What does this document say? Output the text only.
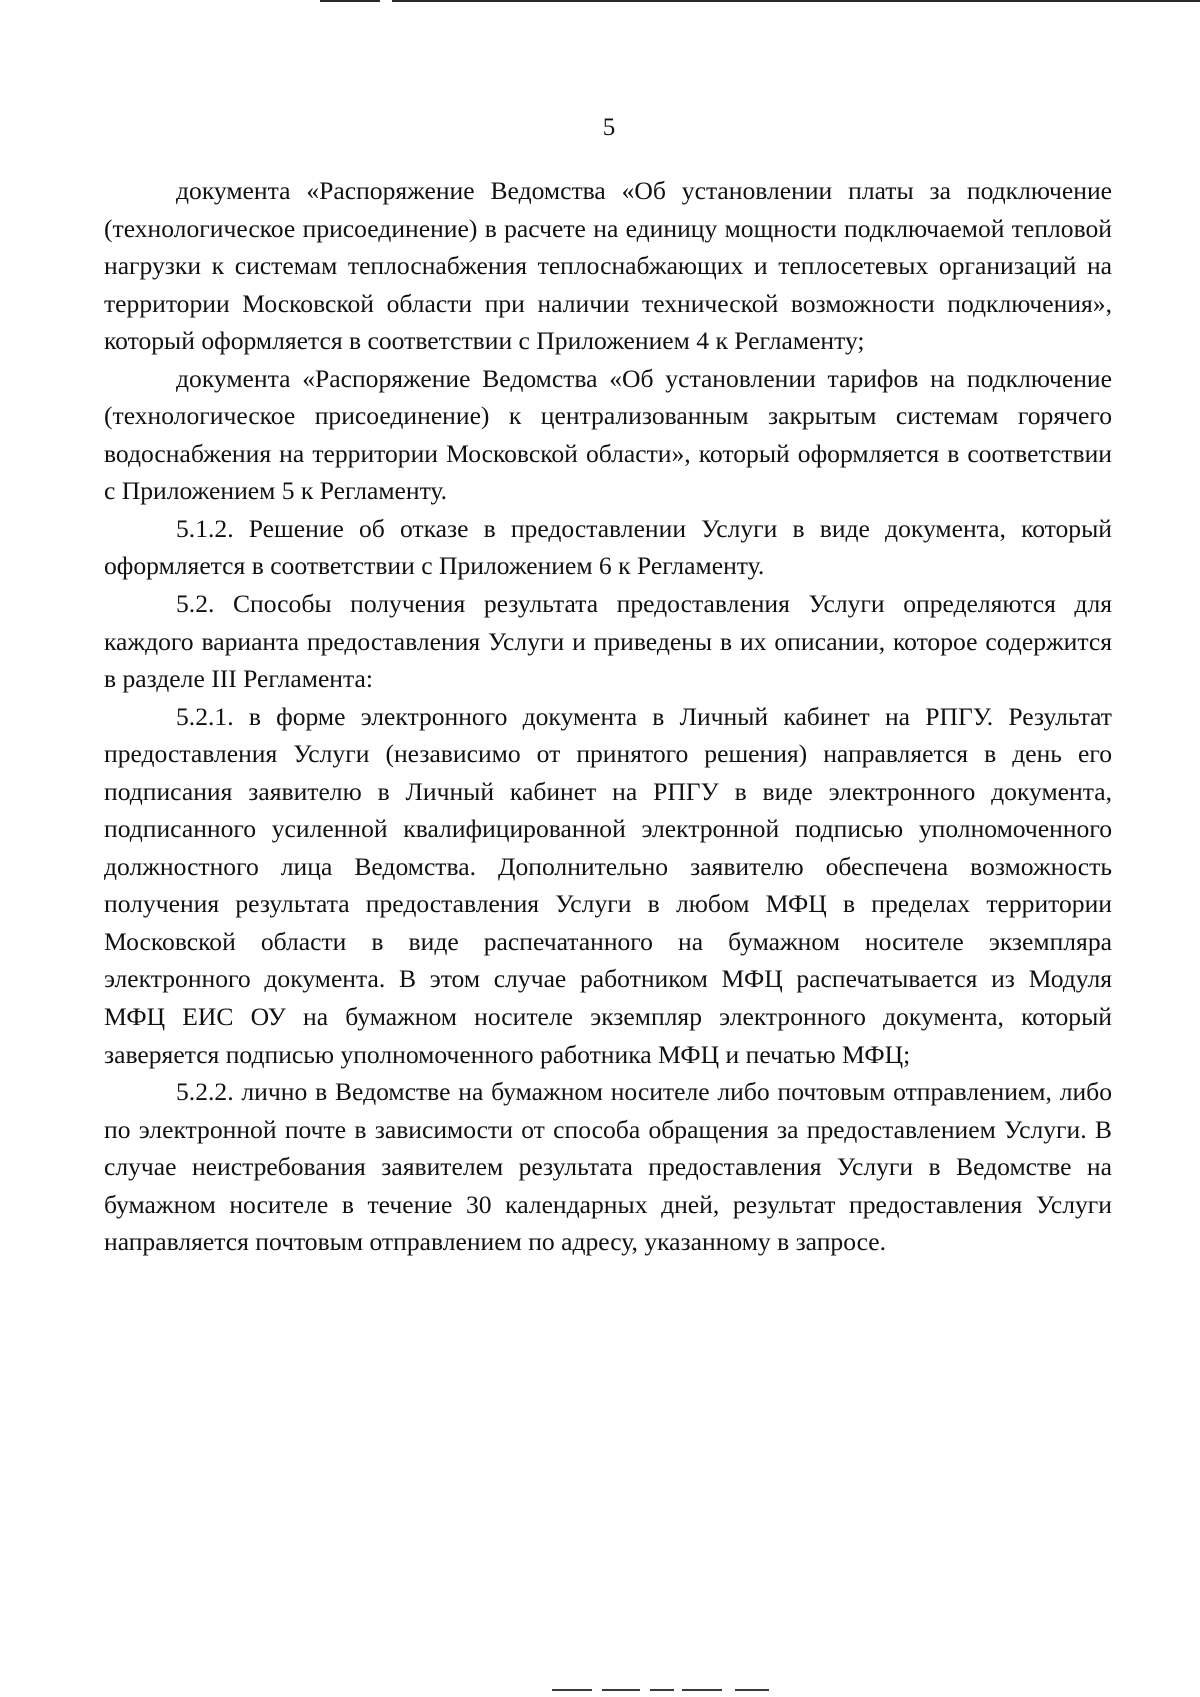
5

документа «Распоряжение Ведомства «Об установлении платы за подключение (технологическое присоединение) в расчете на единицу мощности подключаемой тепловой нагрузки к системам теплоснабжения теплоснабжающих и теплосетевых организаций на территории Московской области при наличии технической возможности подключения», который оформляется в соответствии с Приложением 4 к Регламенту;

документа «Распоряжение Ведомства «Об установлении тарифов на подключение (технологическое присоединение) к централизованным закрытым системам горячего водоснабжения на территории Московской области», который оформляется в соответствии с Приложением 5 к Регламенту.

5.1.2. Решение об отказе в предоставлении Услуги в виде документа, который оформляется в соответствии с Приложением 6 к Регламенту.

5.2. Способы получения результата предоставления Услуги определяются для каждого варианта предоставления Услуги и приведены в их описании, которое содержится в разделе III Регламента:

5.2.1. в форме электронного документа в Личный кабинет на РПГУ. Результат предоставления Услуги (независимо от принятого решения) направляется в день его подписания заявителю в Личный кабинет на РПГУ в виде электронного документа, подписанного усиленной квалифицированной электронной подписью уполномоченного должностного лица Ведомства. Дополнительно заявителю обеспечена возможность получения результата предоставления Услуги в любом МФЦ в пределах территории Московской области в виде распечатанного на бумажном носителе экземпляра электронного документа. В этом случае работником МФЦ распечатывается из Модуля МФЦ ЕИС ОУ на бумажном носителе экземпляр электронного документа, который заверяется подписью уполномоченного работника МФЦ и печатью МФЦ;

5.2.2. лично в Ведомстве на бумажном носителе либо почтовым отправлением, либо по электронной почте в зависимости от способа обращения за предоставлением Услуги. В случае неистребования заявителем результата предоставления Услуги в Ведомстве на бумажном носителе в течение 30 календарных дней, результат предоставления Услуги направляется почтовым отправлением по адресу, указанному в запросе.
